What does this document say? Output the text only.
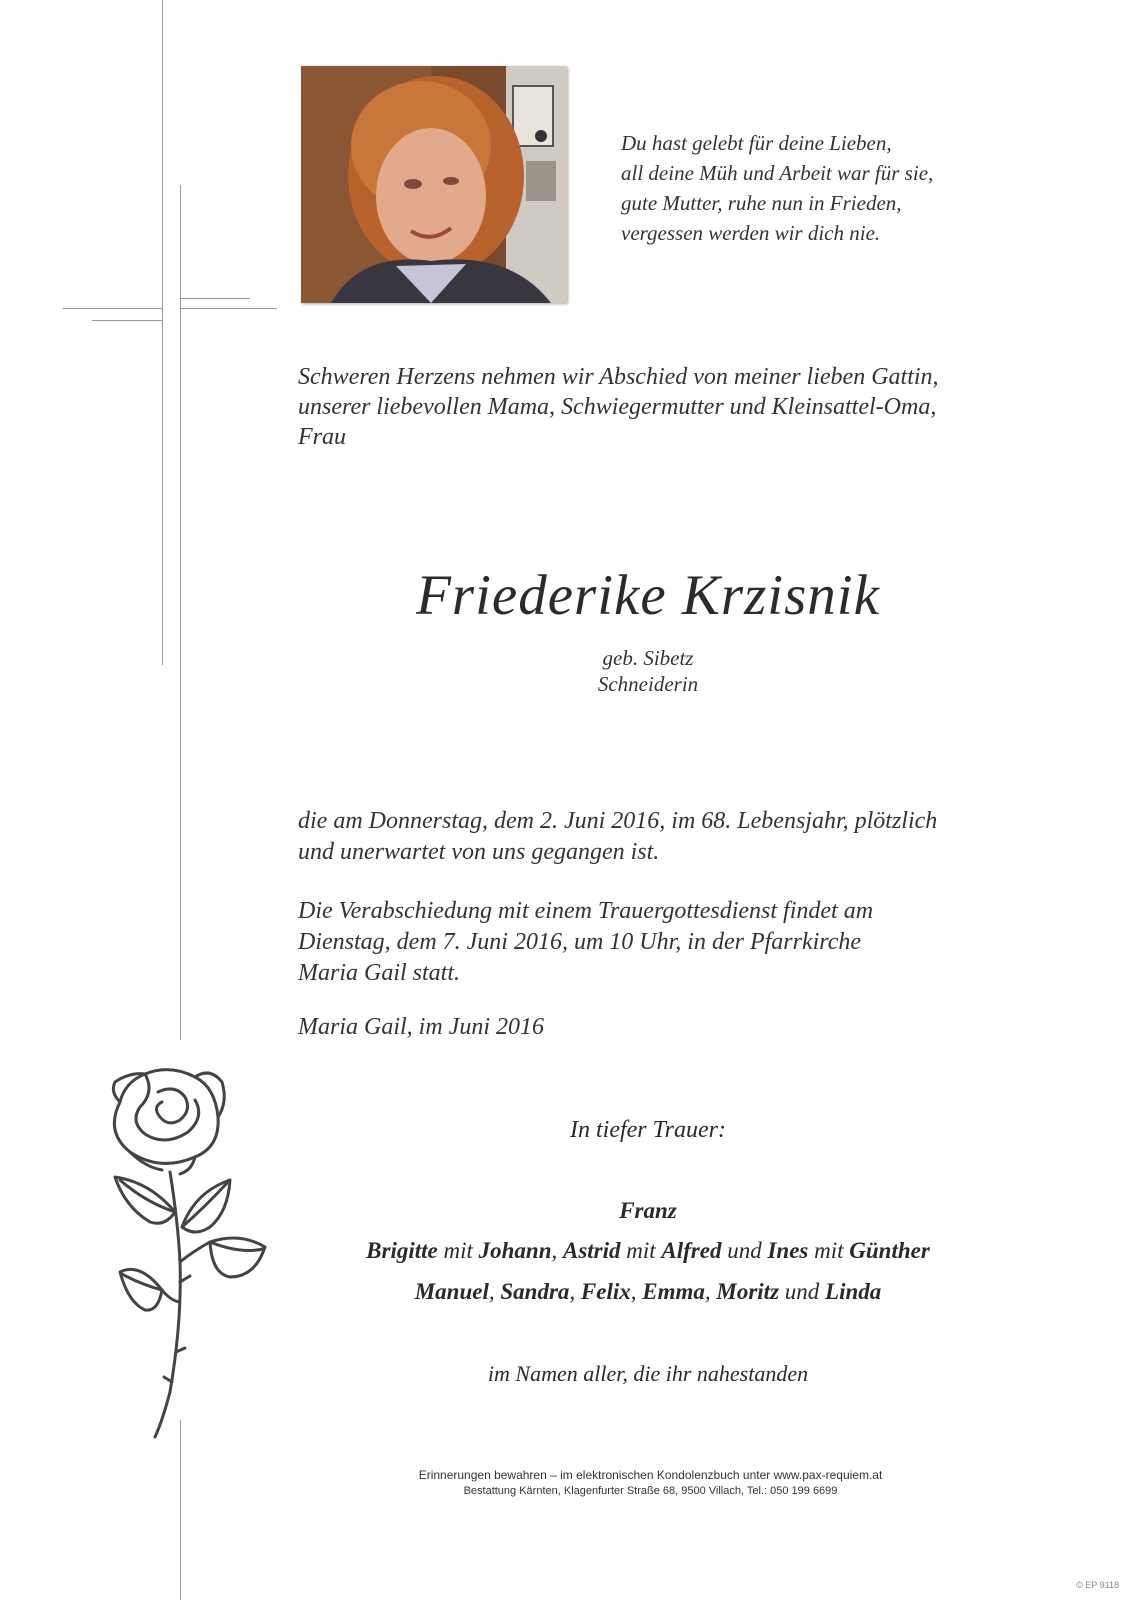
Du hast gelebt für deine Lieben,

all deine Müh und Arbeit war für sie,

gute Mutter, ruhe nun in Frieden,

vergessen werden wir dich nie.

Schweren Herzens nehmen wir Abschied von meiner lieben Gattin,

unserer liebevollen Mama, Schwiegermutter und Kleinsattel-Oma,

Frau

Friederike Krzisnik
geb. Sibetz
Schneiderin

die am Donnerstag, dem 2. Juni 2016, im 68. Lebensjahr, plötzlich

und unerwartet von uns gegangen ist.

Die Verabschiedung mit einem Trauergottesdienst findet am

Dienstag, dem 7. Juni 2016, um 10 Uhr, in der Pfarrkirche

Maria Gail statt.

Maria Gail, im Juni 2016
In tiefer Trauer:
Franz
Brigitte mit Johann, Astrid mit Alfred und Ines mit Günther
Manuel, Sandra, Felix, Emma, Moritz und Linda
im Namen aller, die ihr nahestanden
Erinnerungen bewahren – im elektronischen Kondolenzbuch unter www.pax-requiem.at
Bestattung Kärnten, Klagenfurter Straße 68, 9500 Villach, Tel.: 050 199 6699
© EP 9118
